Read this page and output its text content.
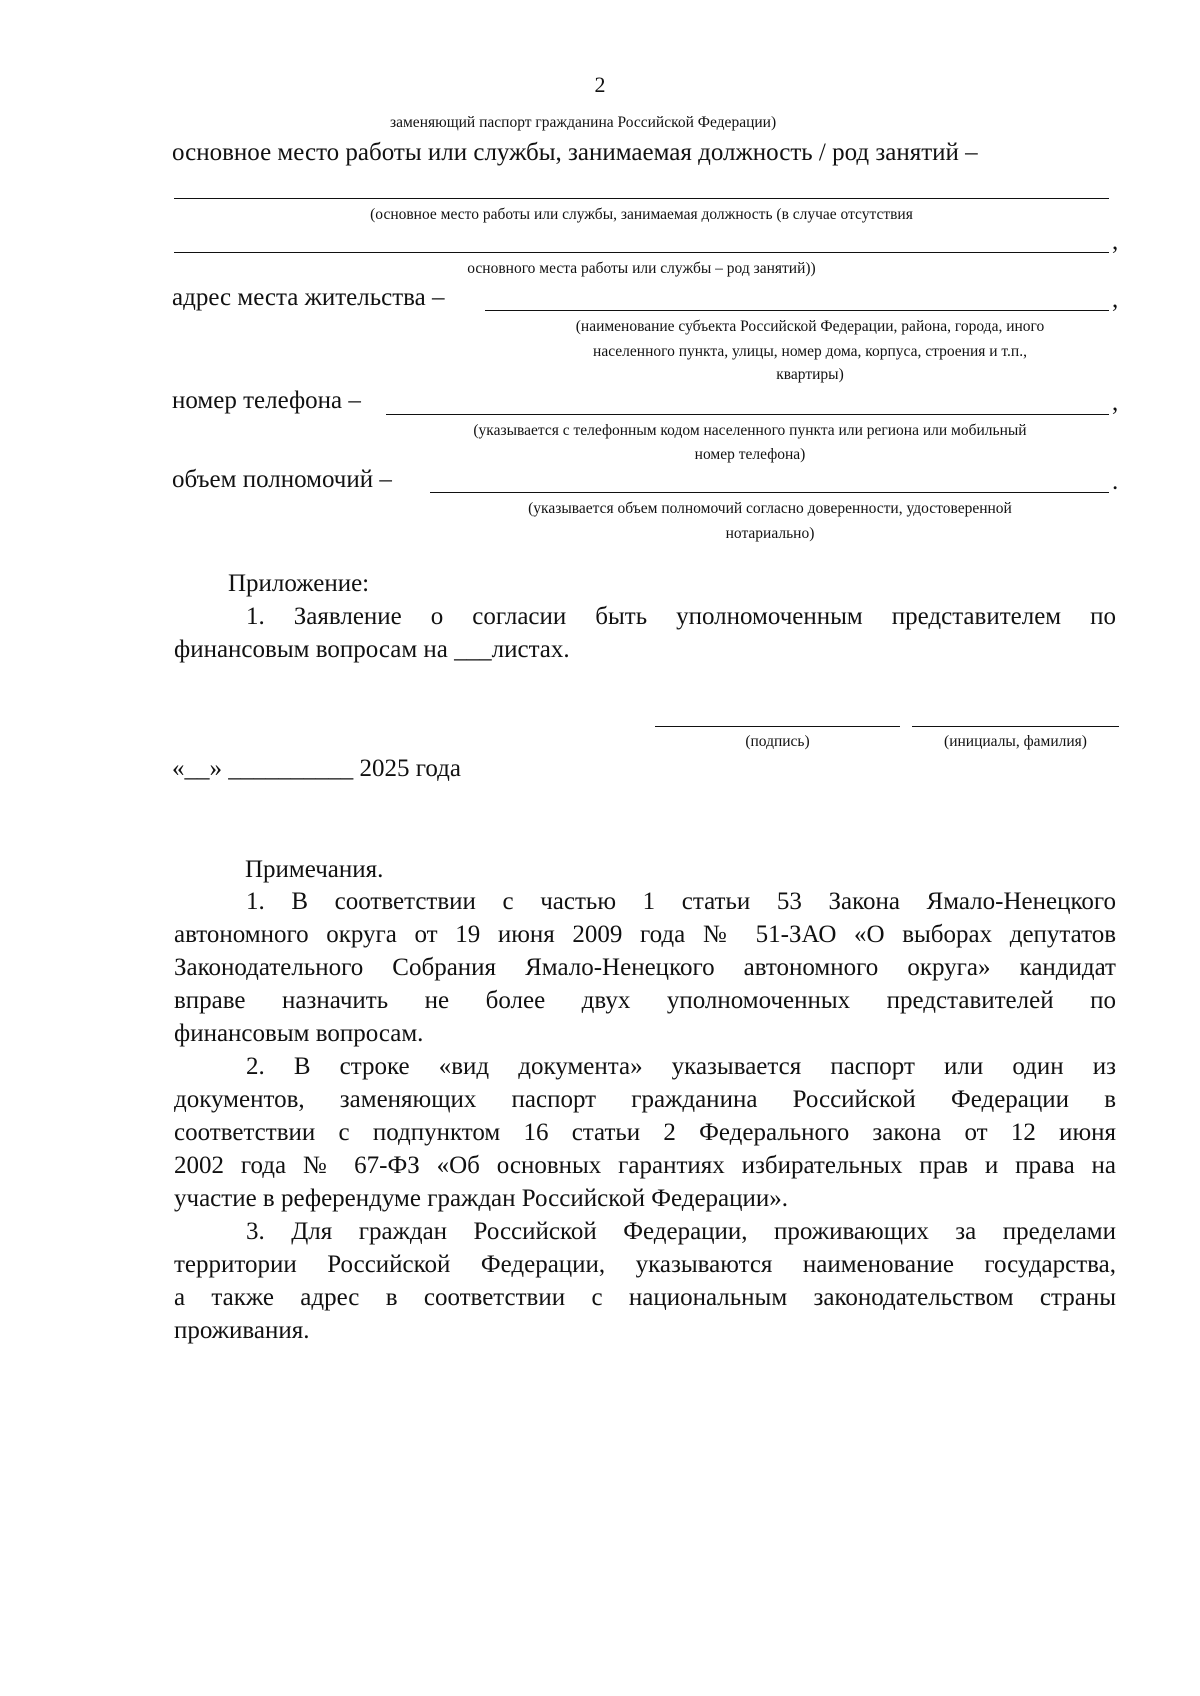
2
заменяющий паспорт гражданина Российской Федерации)
основное место работы или службы, занимаемая должность / род занятий –
(основное место работы или службы, занимаемая должность (в случае отсутствия
,
основного места работы или службы – род занятий))
адрес места жительства –	,
(наименование субъекта Российской Федерации, района, города, иного
населенного пункта, улицы, номер дома, корпуса, строения и т.п.,
квартиры)
номер телефона –	,
(указывается с телефонным кодом населенного пункта или региона или мобильный
номер телефона)
объем полномочий –	.
(указывается объем полномочий согласно доверенности, удостоверенной
нотариально)
Приложение:
1. Заявление о согласии быть уполномоченным представителем по
финансовым вопросам на ___листах.
(подпись)	(инициалы, фамилия)
«__» __________ 2025 года
Примечания.
1. В соответствии с частью 1 статьи 53 Закона Ямало-Ненецкого
автономного округа от 19 июня 2009 года № 51-ЗАО «О выборах депутатов
Законодательного Собрания Ямало-Ненецкого автономного округа» кандидат
вправе назначить не более двух уполномоченных представителей по
финансовым вопросам.
2. В строке «вид документа» указывается паспорт или один из
документов, заменяющих паспорт гражданина Российской Федерации в
соответствии с подпунктом 16 статьи 2 Федерального закона от 12 июня
2002 года № 67-ФЗ «Об основных гарантиях избирательных прав и права на
участие в референдуме граждан Российской Федерации».
3. Для граждан Российской Федерации, проживающих за пределами
территории Российской Федерации, указываются наименование государства,
а также адрес в соответствии с национальным законодательством страны
проживания.
